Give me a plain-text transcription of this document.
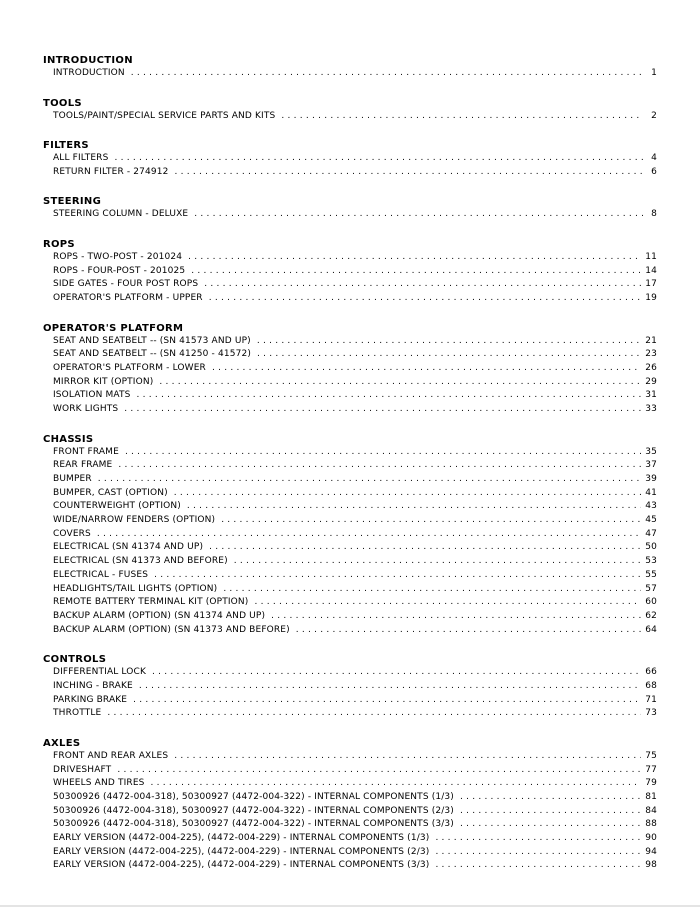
INTRODUCTION
INTRODUCTION . . .	1
TOOLS
TOOLS/PAINT/SPECIAL SERVICE PARTS AND KITS . . .	2
FILTERS
ALL FILTERS . . .	4
RETURN FILTER - 274912 . . .	6
STEERING
STEERING COLUMN - DELUXE . . .	8
ROPS
ROPS - TWO-POST - 201024 . . .	11
ROPS - FOUR-POST - 201025 . . .	14
SIDE GATES - FOUR POST ROPS . . .	17
OPERATOR'S PLATFORM - UPPER . . .	19
OPERATOR'S PLATFORM
SEAT AND SEATBELT -- (SN 41573 AND UP) . . .	21
SEAT AND SEATBELT -- (SN 41250 - 41572) . . .	23
OPERATOR'S PLATFORM - LOWER . . .	26
MIRROR KIT (OPTION) . . .	29
ISOLATION MATS . . .	31
WORK LIGHTS . . .	33
CHASSIS
FRONT FRAME . . .	35
REAR FRAME . . .	37
BUMPER . . .	39
BUMPER, CAST (OPTION) . . .	41
COUNTERWEIGHT (OPTION) . . .	43
WIDE/NARROW FENDERS (OPTION) . . .	45
COVERS . . .	47
ELECTRICAL (SN 41374 AND UP) . . .	50
ELECTRICAL (SN 41373 AND BEFORE) . . .	53
ELECTRICAL - FUSES . . .	55
HEADLIGHTS/TAIL LIGHTS (OPTION) . . .	57
REMOTE BATTERY TERMINAL KIT (OPTION) . . .	60
BACKUP ALARM (OPTION) (SN 41374 AND UP) . . .	62
BACKUP ALARM (OPTION) (SN 41373 AND BEFORE) . . .	64
CONTROLS
DIFFERENTIAL LOCK . . .	66
INCHING - BRAKE . . .	68
PARKING BRAKE . . .	71
THROTTLE . . .	73
AXLES
FRONT AND REAR AXLES . . .	75
DRIVESHAFT . . .	77
WHEELS AND TIRES . . .	79
50300926 (4472-004-318), 50300927 (4472-004-322) - INTERNAL COMPONENTS (1/3) . . .	81
50300926 (4472-004-318), 50300927 (4472-004-322) - INTERNAL COMPONENTS (2/3) . . .	84
50300926 (4472-004-318), 50300927 (4472-004-322) - INTERNAL COMPONENTS (3/3) . . .	88
EARLY VERSION (4472-004-225), (4472-004-229) - INTERNAL COMPONENTS (1/3) . . .	90
EARLY VERSION (4472-004-225), (4472-004-229) - INTERNAL COMPONENTS (2/3) . . .	94
EARLY VERSION (4472-004-225), (4472-004-229) - INTERNAL COMPONENTS (3/3) . . .	98
